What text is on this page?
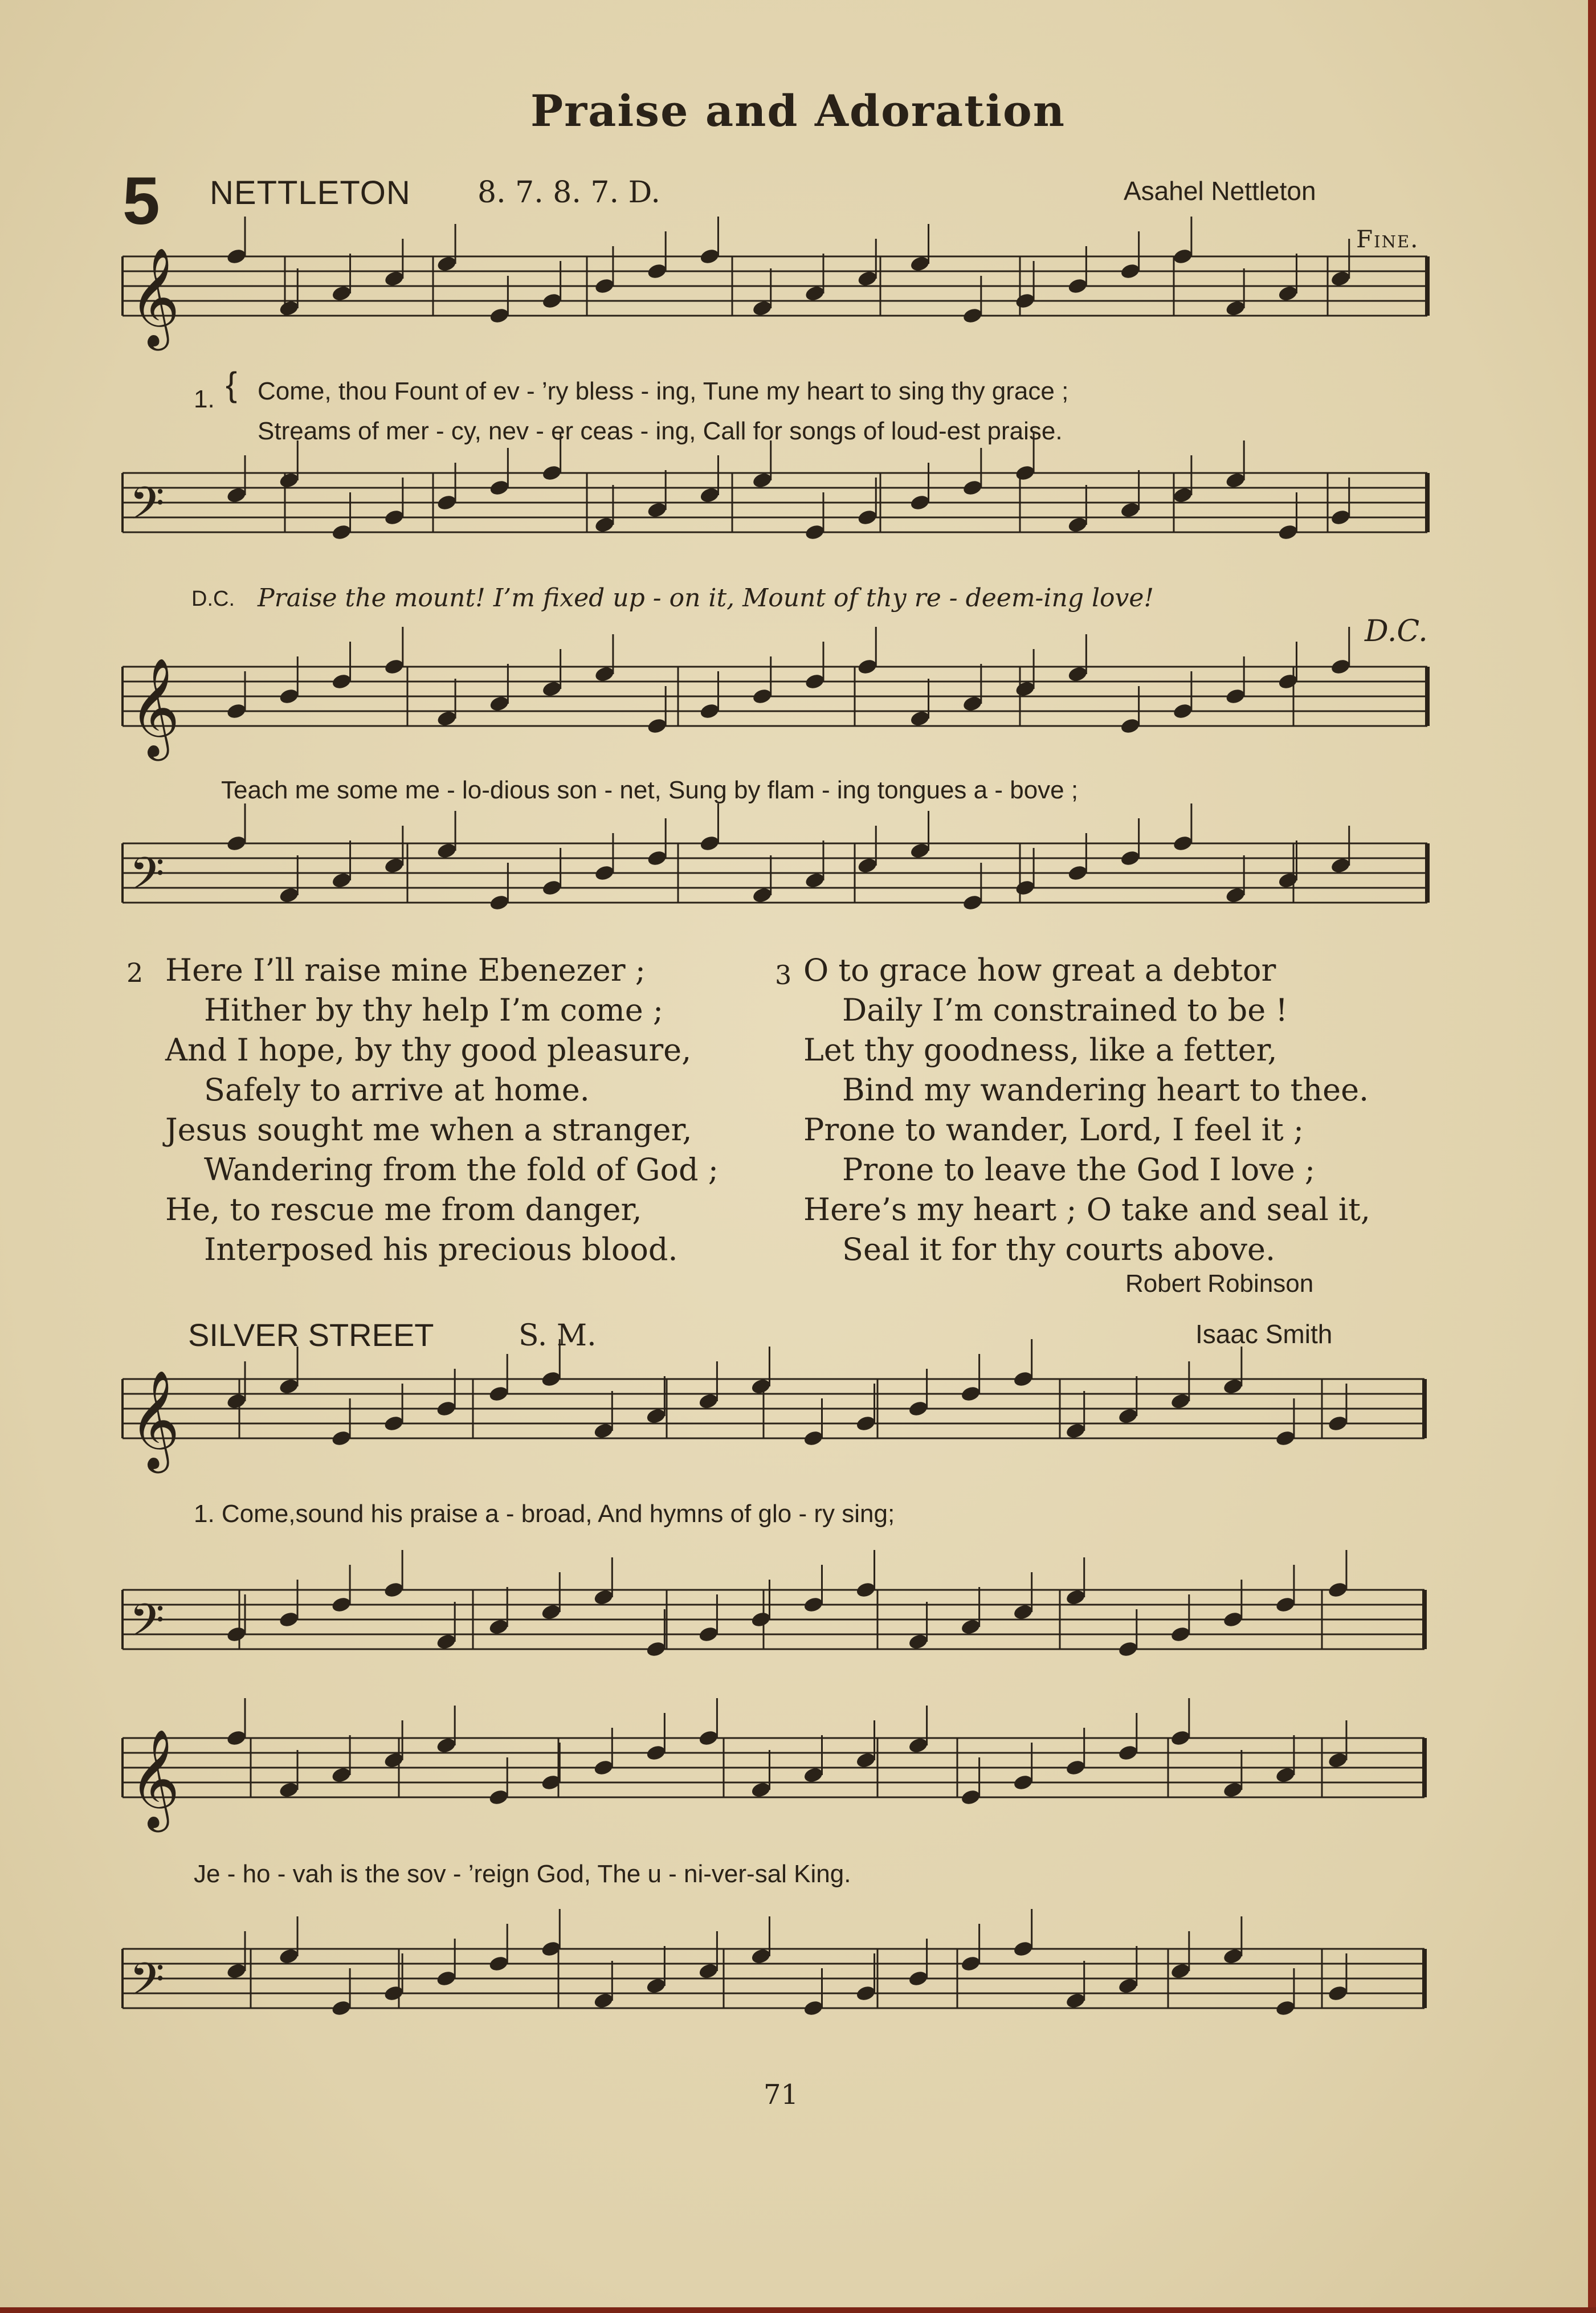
Praise and Adoration
5 NETTLETON 8. 7. 8. 7. D.	Asahel Nettleton
Fine.
𝄞
𝄢
𝄞
𝄢
𝄞
𝄢
𝄞
𝄢
1. { Come, thou Fount of ev - ’ry bless - ing, Tune my heart to sing thy grace ;
Streams of mer - cy, nev - er ceas - ing, Call for songs of loud-est praise.
D.C. Praise the mount! I’m fixed up - on it, Mount of thy re - deem-ing love!
D.C.
Teach me some me - lo-dious son - net, Sung by flam - ing tongues a - bove ;
2 Here I’ll raise mine Ebenezer ;
Hither by thy help I’m come ;
And I hope, by thy good pleasure,
Safely to arrive at home.
Jesus sought me when a stranger,
Wandering from the fold of God ;
He, to rescue me from danger,
Interposed his precious blood.
3 O to grace how great a debtor
Daily I’m constrained to be !
Let thy goodness, like a fetter,
Bind my wandering heart to thee.
Prone to wander, Lord, I feel it ;
Prone to leave the God I love ;
Here’s my heart ; O take and seal it,
Seal it for thy courts above.
Robert Robinson
SILVER STREET	S. M.	Isaac Smith
1. Come,sound his praise a - broad, And hymns of glo - ry sing;
Je - ho - vah is the sov - ’reign God, The u - ni-ver-sal King.
71
